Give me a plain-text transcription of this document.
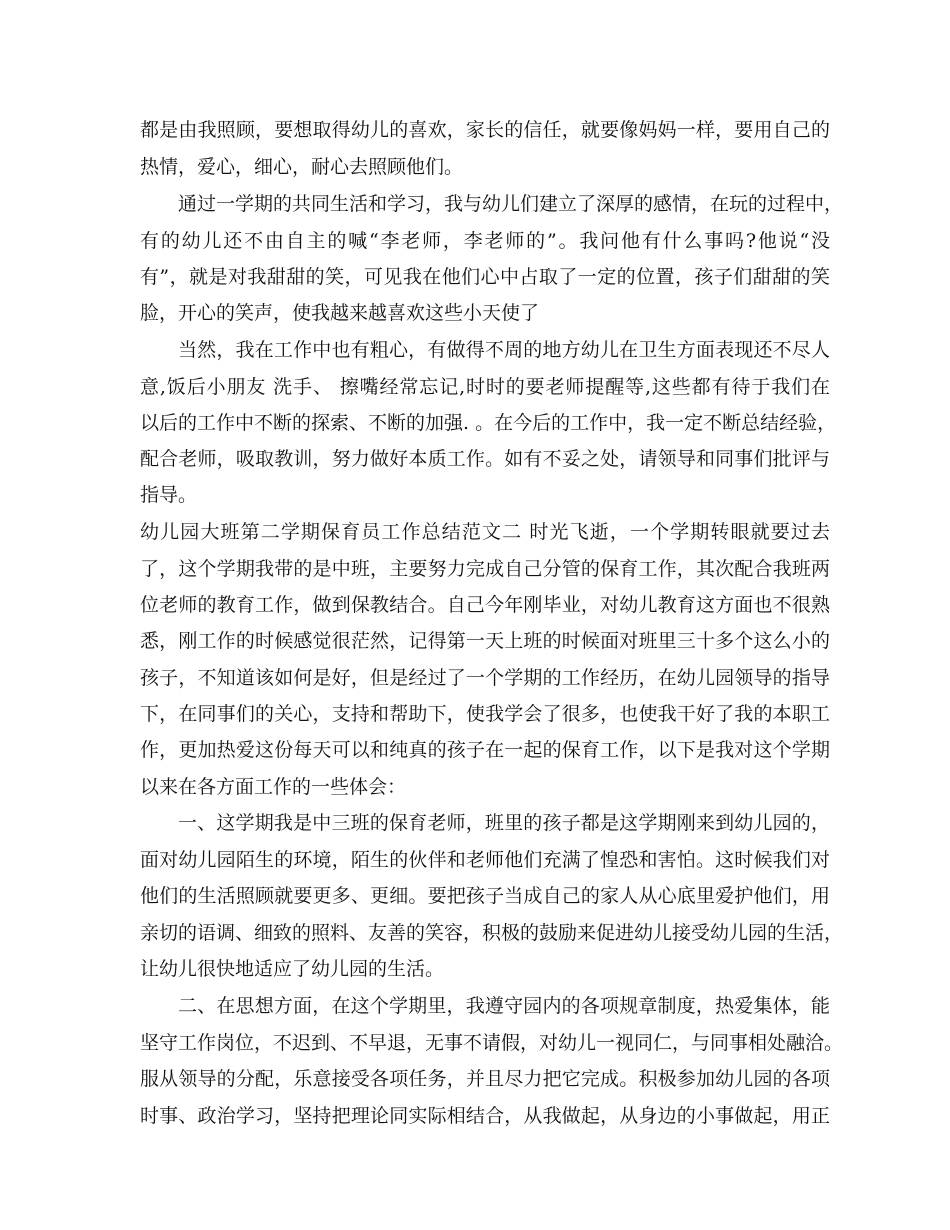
都是由我照顾，要想取得幼儿的喜欢，家长的信任，就要像妈妈一样，要用自己的
热情，爱心，细心，耐心去照顾他们。
通过一学期的共同生活和学习，我与幼儿们建立了深厚的感情，在玩的过程中，
有的幼儿还不由自主的喊“李老师，李老师的”。我问他有什么事吗?他说“没
有”，就是对我甜甜的笑，可见我在他们心中占取了一定的位置，孩子们甜甜的笑
脸，开心的笑声，使我越来越喜欢这些小天使了
当然，我在工作中也有粗心，有做得不周的地方幼儿在卫生方面表现还不尽人
意,饭后小朋友 洗手、 擦嘴经常忘记,时时的要老师提醒等,这些都有待于我们在
以后的工作中不断的探索、不断的加强. 。在今后的工作中，我一定不断总结经验，
配合老师，吸取教训，努力做好本质工作。如有不妥之处，请领导和同事们批评与
指导。
幼儿园大班第二学期保育员工作总结范文二 时光飞逝，一个学期转眼就要过去
了，这个学期我带的是中班，主要努力完成自己分管的保育工作，其次配合我班两
位老师的教育工作，做到保教结合。自己今年刚毕业，对幼儿教育这方面也不很熟
悉，刚工作的时候感觉很茫然，记得第一天上班的时候面对班里三十多个这么小的
孩子，不知道该如何是好，但是经过了一个学期的工作经历，在幼儿园领导的指导
下，在同事们的关心，支持和帮助下，使我学会了很多，也使我干好了我的本职工
作，更加热爱这份每天可以和纯真的孩子在一起的保育工作，以下是我对这个学期
以来在各方面工作的一些体会：
一、这学期我是中三班的保育老师，班里的孩子都是这学期刚来到幼儿园的，
面对幼儿园陌生的环境，陌生的伙伴和老师他们充满了惶恐和害怕。这时候我们对
他们的生活照顾就要更多、更细。要把孩子当成自己的家人从心底里爱护他们，用
亲切的语调、细致的照料、友善的笑容，积极的鼓励来促进幼儿接受幼儿园的生活，
让幼儿很快地适应了幼儿园的生活。
二、在思想方面，在这个学期里，我遵守园内的各项规章制度，热爱集体，能
坚守工作岗位，不迟到、不早退，无事不请假，对幼儿一视同仁，与同事相处融洽。
服从领导的分配，乐意接受各项任务，并且尽力把它完成。积极参加幼儿园的各项
时事、政治学习，坚持把理论同实际相结合，从我做起，从身边的小事做起，用正
